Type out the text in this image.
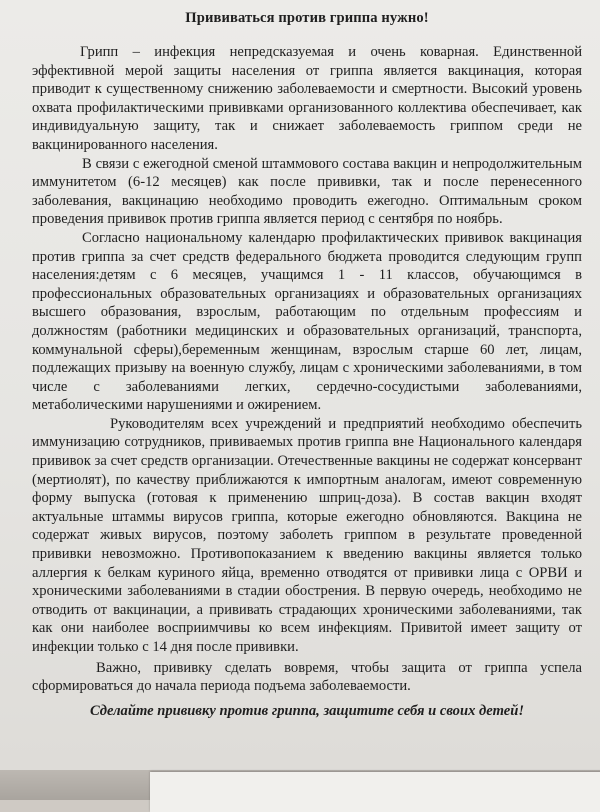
Прививаться против гриппа нужно!

Грипп – инфекция непредсказуемая и очень коварная. Единственной эффективной мерой защиты населения от гриппа является вакцинация, которая приводит к существенному снижению заболеваемости и смертности. Высокий уровень охвата профилактическими прививками организованного коллектива обеспечивает, как индивидуальную защиту, так и снижает заболеваемость гриппом среди не вакцинированного населения.

В связи с ежегодной сменой штаммового состава вакцин и непродолжительным иммунитетом (6-12 месяцев) как после прививки, так и после перенесенного заболевания, вакцинацию необходимо проводить ежегодно. Оптимальным сроком проведения прививок против гриппа является период с сентября по ноябрь.

Согласно национальному календарю профилактических прививок вакцинация против гриппа за счет средств федерального бюджета проводится следующим групп населения:детям с 6 месяцев, учащимся 1 - 11 классов, обучающимся в профессиональных образовательных организациях и образовательных организациях высшего образования, взрослым, работающим по отдельным профессиям и должностям (работники медицинских и образовательных организаций, транспорта, коммунальной сферы),беременным женщинам, взрослым старше 60 лет, лицам, подлежащих призыву на военную службу, лицам с хроническими заболеваниями, в том числе с заболеваниями легких, сердечно-сосудистыми заболеваниями, метаболическими нарушениями и ожирением.

Руководителям всех учреждений и предприятий необходимо обеспечить иммунизацию сотрудников, прививаемых против гриппа вне Национального календаря прививок за счет средств организации. Отечественные вакцины не содержат консервант (мертиолят), по качеству приближаются к импортным аналогам, имеют современную форму выпуска (готовая к применению шприц-доза). В состав вакцин входят актуальные штаммы вирусов гриппа, которые ежегодно обновляются. Вакцина не содержат живых вирусов, поэтому заболеть гриппом в результате проведенной прививки невозможно. Противопоказанием к введению вакцины является только аллергия к белкам куриного яйца, временно отводятся от прививки лица с ОРВИ и хроническими заболеваниями в стадии обострения. В первую очередь, необходимо не отводить от вакцинации, а прививать страдающих хроническими заболеваниями, так как они наиболее восприимчивы ко всем инфекциям. Привитой имеет защиту от инфекции только с 14 дня после прививки.

Важно, прививку сделать вовремя, чтобы защита от гриппа успела сформироваться до начала периода подъема заболеваемости.

Сделайте прививку против гриппа, защитите себя и своих детей!
